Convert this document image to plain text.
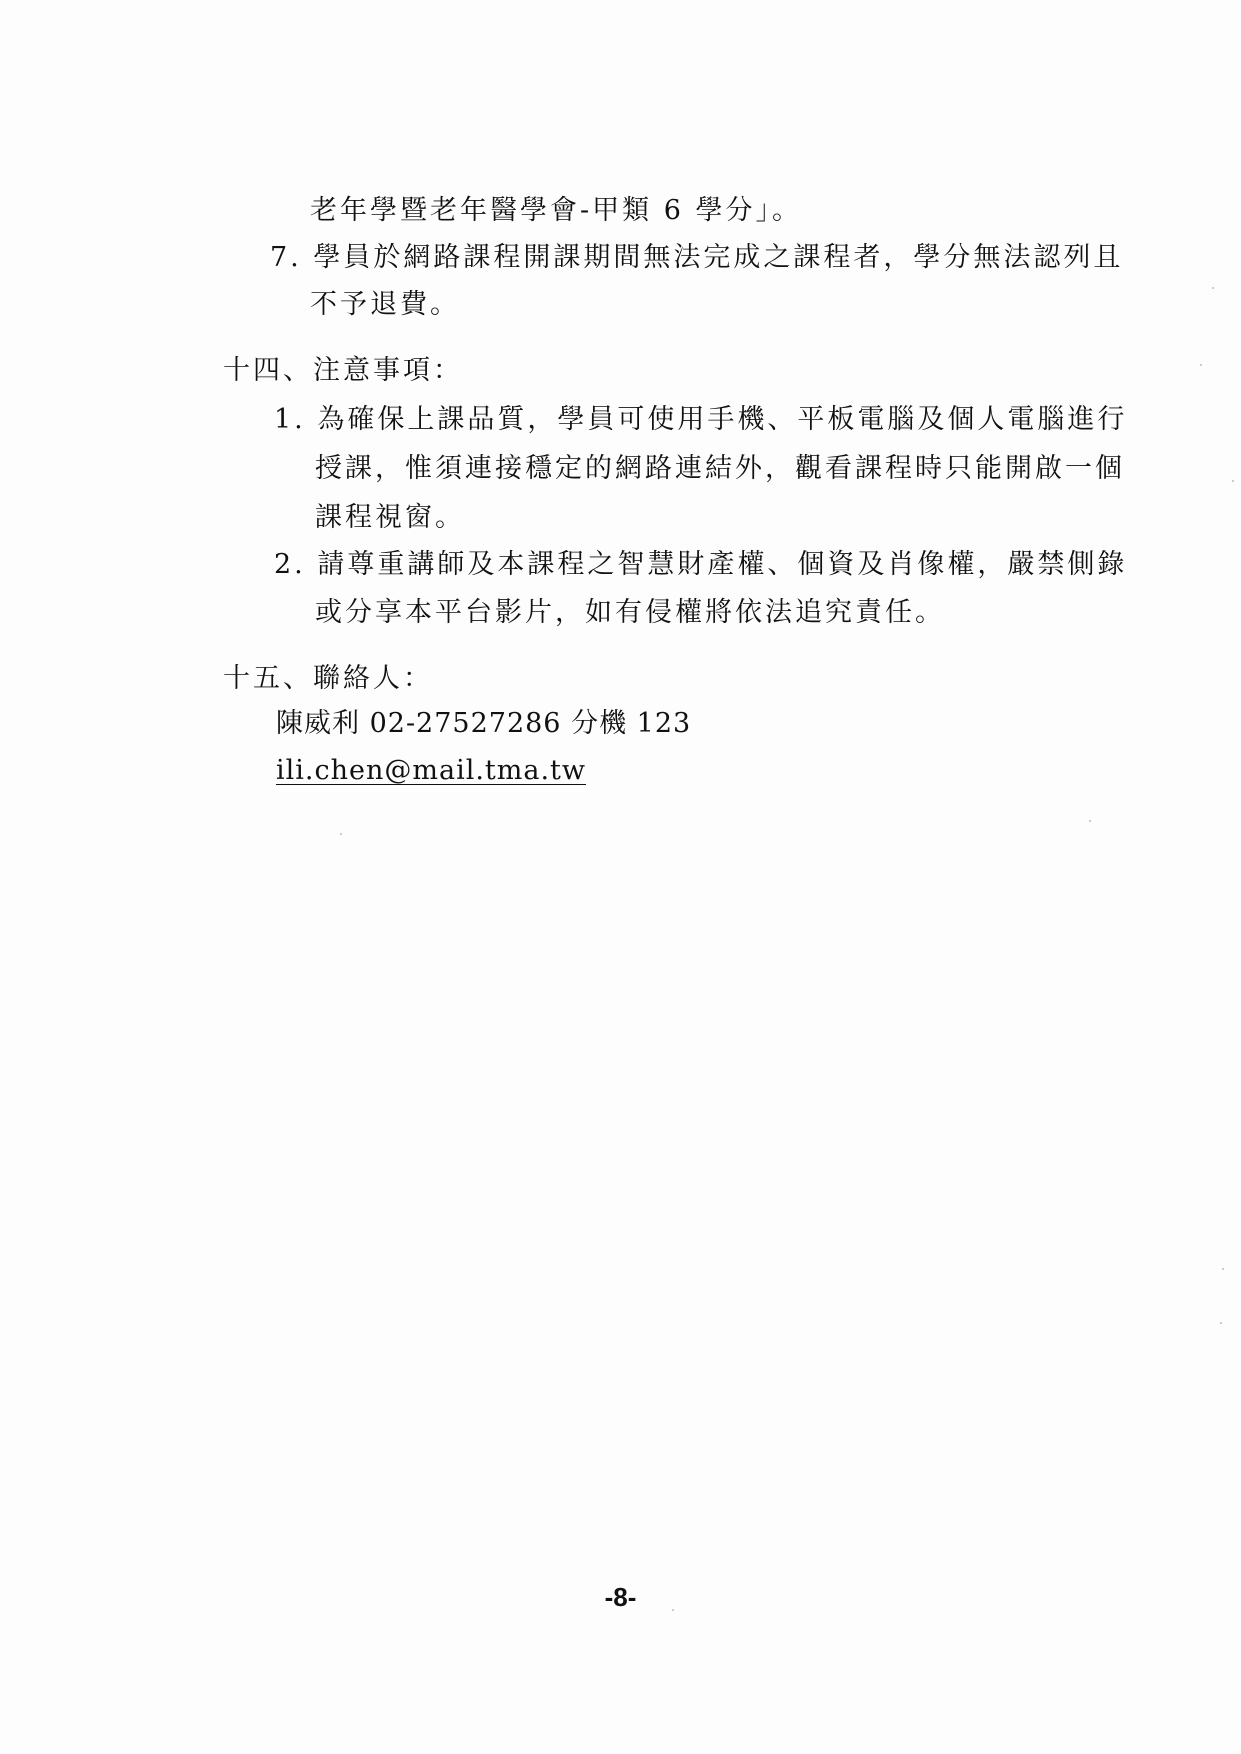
老年學暨老年醫學會-甲類 6 學分」。
7. 學員於網路課程開課期間無法完成之課程者，學分無法認列且
不予退費。
十四、注意事項：
1. 為確保上課品質，學員可使用手機、平板電腦及個人電腦進行
授課，惟須連接穩定的網路連結外，觀看課程時只能開啟一個
課程視窗。
2. 請尊重講師及本課程之智慧財產權、個資及肖像權，嚴禁側錄
或分享本平台影片，如有侵權將依法追究責任。
十五、聯絡人：
陳威利 02-27527286 分機 123
ili.chen@mail.tma.tw
-8-
